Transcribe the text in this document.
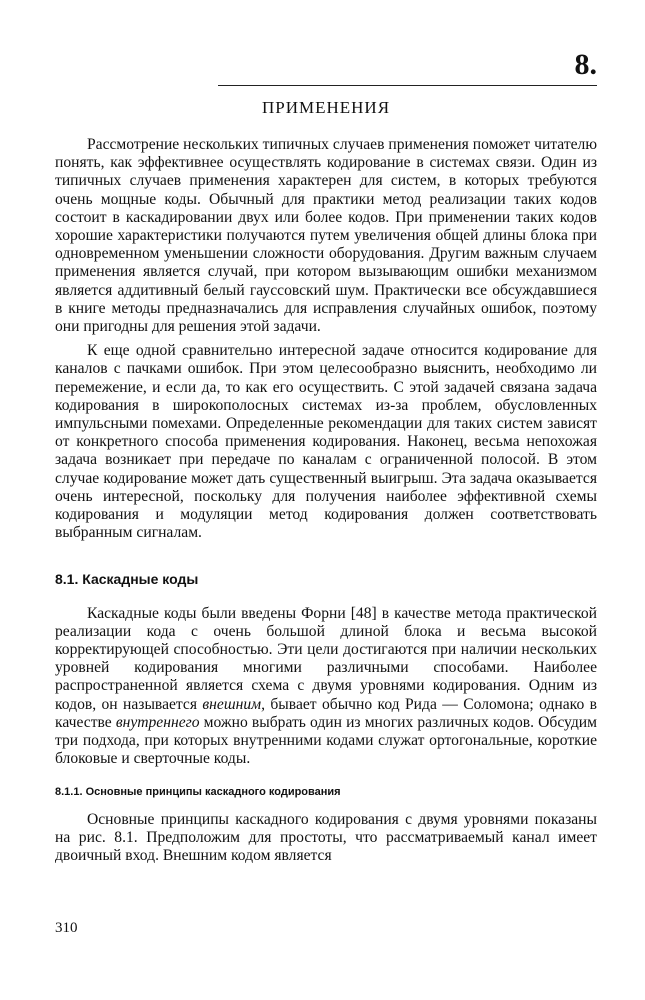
8.
ПРИМЕНЕНИЯ

Рассмотрение нескольких типичных случаев применения поможет читателю понять, как эффективнее осуществлять кодирование в системах связи. Один из типичных случаев применения характерен для систем, в которых требуются очень мощные коды. Обычный для практики метод реализации таких кодов состоит в каскадировании двух или более кодов. При применении таких кодов хорошие характеристики получаются путем увеличения общей длины блока при одновременном уменьшении сложности оборудования. Другим важным случаем применения является случай, при котором вызывающим ошибки механизмом является аддитивный белый гауссовский шум. Практически все обсуждавшиеся в книге методы предназначались для исправления случайных ошибок, поэтому они пригодны для решения этой задачи.

К еще одной сравнительно интересной задаче относится кодирование для каналов с пачками ошибок. При этом целесообразно выяснить, необходимо ли перемежение, и если да, то как его осуществить. С этой задачей связана задача кодирования в широкополосных системах из-за проблем, обусловленных импульсными помехами. Определенные рекомендации для таких систем зависят от конкретного способа применения кодирования. Наконец, весьма непохожая задача возникает при передаче по каналам с ограниченной полосой. В этом случае кодирование может дать существенный выигрыш. Эта задача оказывается очень интересной, поскольку для получения наиболее эффективной схемы кодирования и модуляции метод кодирования должен соответствовать выбранным сигналам.

8.1. Каскадные коды

Каскадные коды были введены Форни [48] в качестве метода практической реализации кода с очень большой длиной блока и весьма высокой корректирующей способностью. Эти цели достигаются при наличии нескольких уровней кодирования многими различными способами. Наиболее распространенной является схема с двумя уровнями кодирования. Одним из кодов, он называется внешним, бывает обычно код Рида — Соломона; однако в качестве внутреннего можно выбрать один из многих различных кодов. Обсудим три подхода, при которых внутренними кодами служат ортогональные, короткие блоковые и сверточные коды.

8.1.1. Основные принципы каскадного кодирования

Основные принципы каскадного кодирования с двумя уровнями показаны на рис. 8.1. Предположим для простоты, что рассматриваемый канал имеет двоичный вход. Внешним кодом является

310
